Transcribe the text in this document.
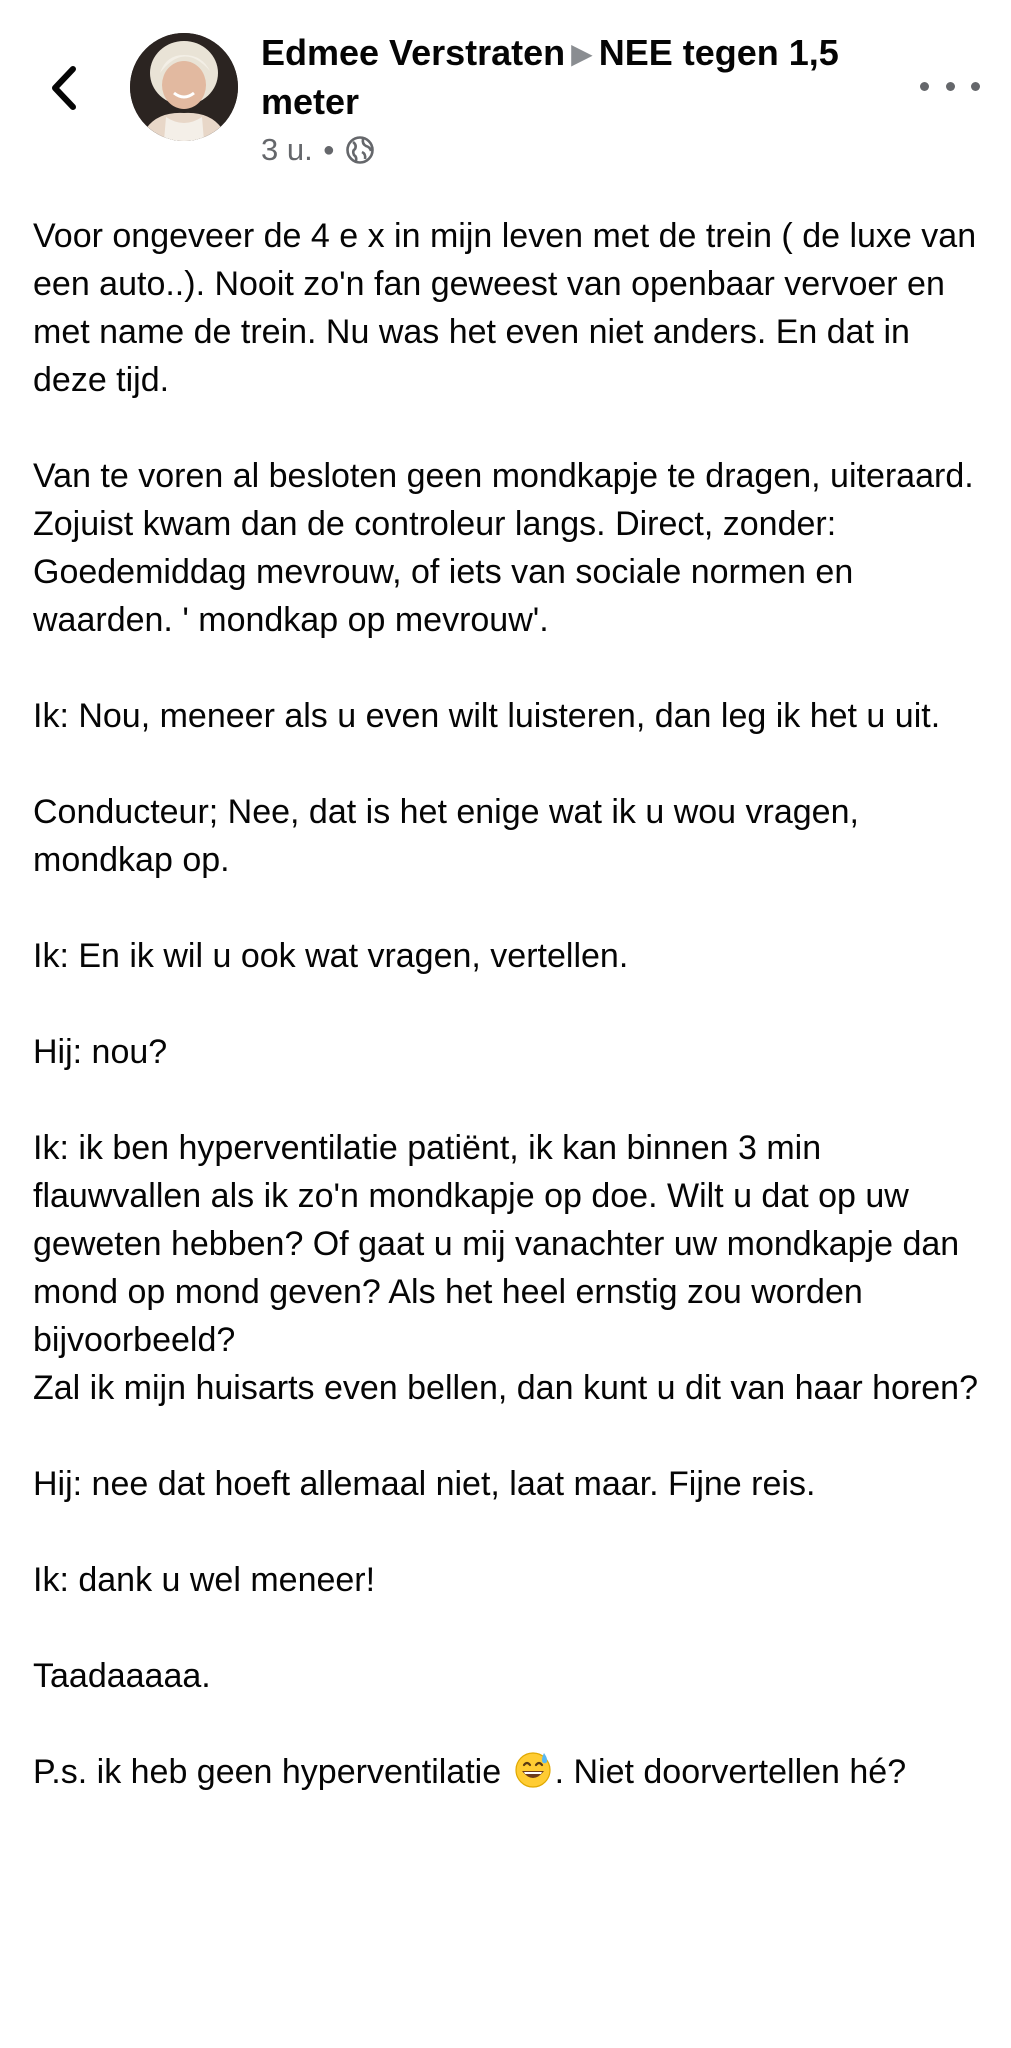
Edmee Verstraten ▶ NEE tegen 1,5 meter
3 u. ●

Voor ongeveer de 4 e x in mijn leven met de trein ( de luxe van een auto..). Nooit zo'n fan geweest van openbaar vervoer en met name de trein. Nu was het even niet anders. En dat in deze tijd.

Van te voren al besloten geen mondkapje te dragen, uiteraard.
Zojuist kwam dan de controleur langs. Direct, zonder: Goedemiddag mevrouw, of iets van sociale normen en waarden. ' mondkap op mevrouw'.

Ik: Nou, meneer als u even wilt luisteren, dan leg ik het u uit.

Conducteur; Nee, dat is het enige wat ik u wou vragen, mondkap op.

Ik: En ik wil u ook wat vragen, vertellen.

Hij: nou?

Ik: ik ben hyperventilatie patiënt, ik kan binnen 3 min flauwvallen als ik zo'n mondkapje op doe. Wilt u dat op uw geweten hebben? Of gaat u mij vanachter uw mondkapje dan mond op mond geven? Als het heel ernstig zou worden bijvoorbeeld?
Zal ik mijn huisarts even bellen, dan kunt u dit van haar horen?

Hij: nee dat hoeft allemaal niet, laat maar. Fijne reis.

Ik: dank u wel meneer!

Taadaaaaa.

P.s. ik heb geen hyperventilatie . Niet doorvertellen hé?
